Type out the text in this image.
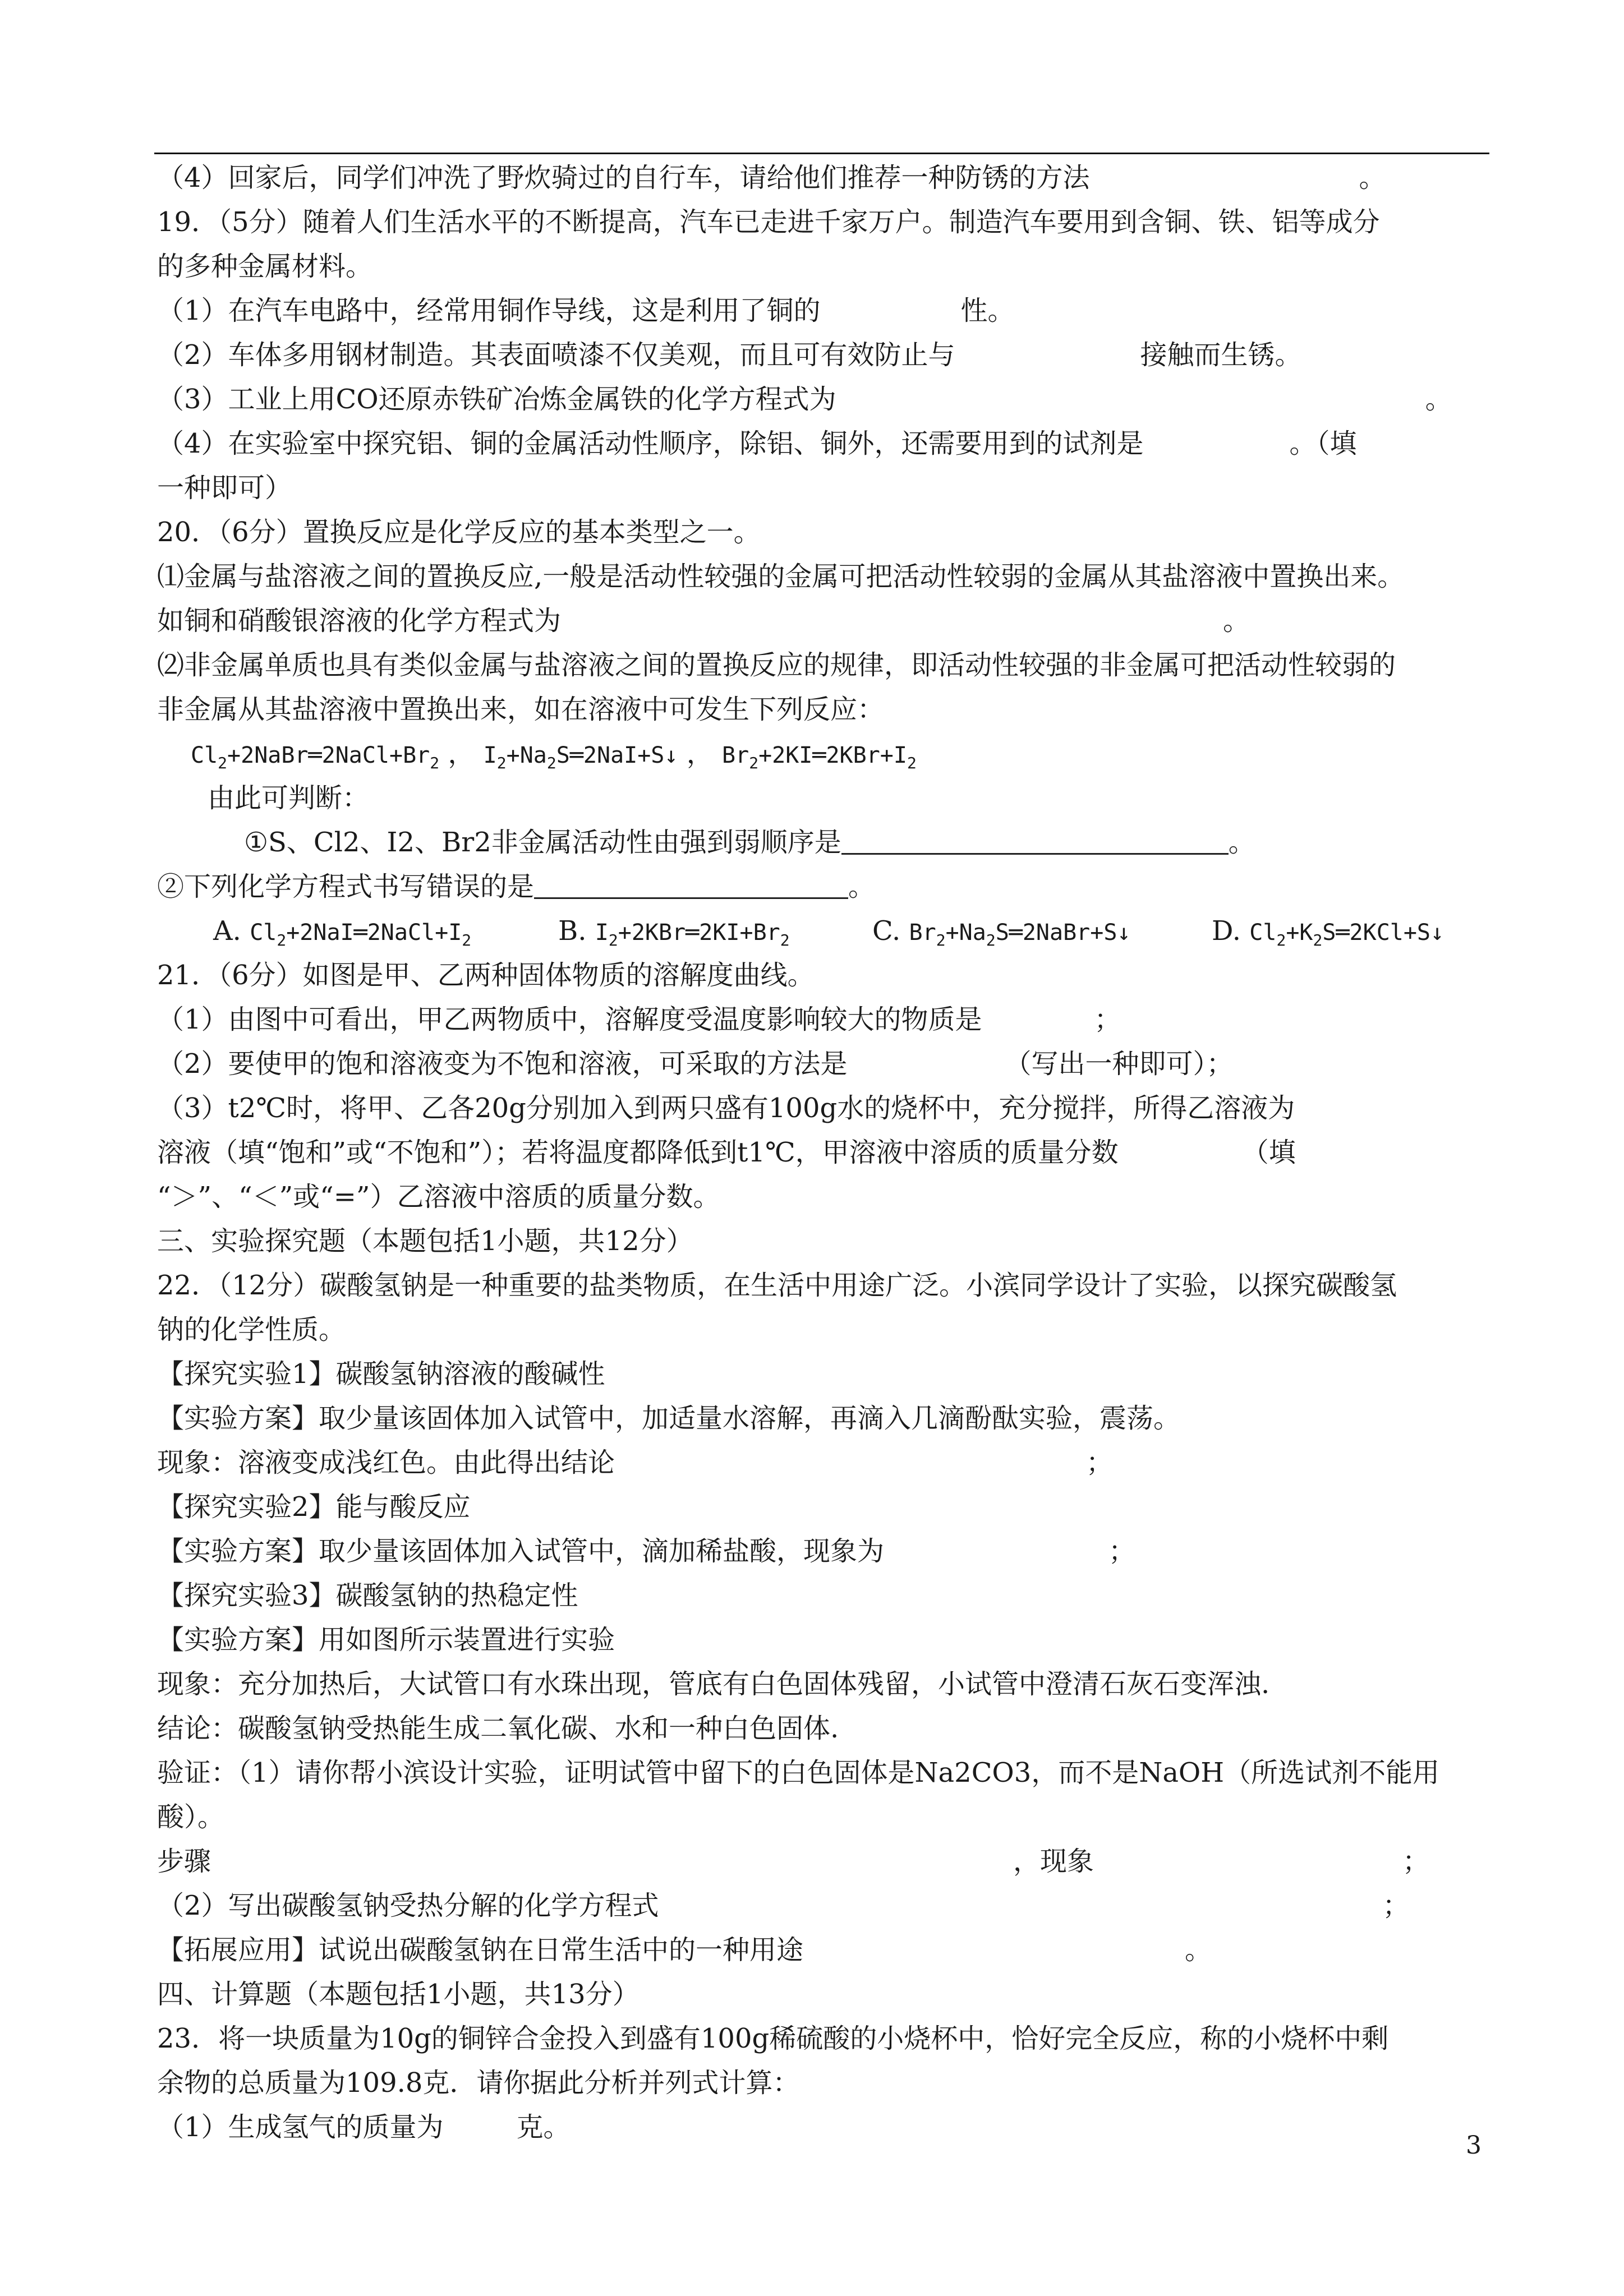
（4）回家后，同学们冲洗了野炊骑过的自行车，请给他们推荐一种防锈的方法	。
19．（5分）随着人们生活水平的不断提高，汽车已走进千家万户。制造汽车要用到含铜、铁、铝等成分
的多种金属材料。
（1）在汽车电路中，经常用铜作导线，这是利用了铜的	性。
（2）车体多用钢材制造。其表面喷漆不仅美观，而且可有效防止与	接触而生锈。
（3）工业上用CO还原赤铁矿冶炼金属铁的化学方程式为	。
（4）在实验室中探究铝、铜的金属活动性顺序，除铝、铜外，还需要用到的试剂是	。（填
一种即可）
20．（6分）置换反应是化学反应的基本类型之一。
⑴金属与盐溶液之间的置换反应,一般是活动性较强的金属可把活动性较弱的金属从其盐溶液中置换出来。
如铜和硝酸银溶液的化学方程式为	。
⑵非金属单质也具有类似金属与盐溶液之间的置换反应的规律，即活动性较强的非金属可把活动性较弱的
非金属从其盐溶液中置换出来，如在溶液中可发生下列反应：
$Cl_2+2NaBr═2NaCl+Br_2$ ， $I_2+Na_2S═2NaI+S↓$ ， $Br_2+2KI═2KBr+I_2$
由此可判断：
①S、Cl2、I2、Br2非金属活动性由强到弱顺序是	。
②下列化学方程式书写错误的是	。
A. $Cl_2+2NaI═2NaCl+I_2$	B. $I_2+2KBr═2KI+Br_2$	C. $Br_2+Na_2S═2NaBr+S↓$	D. $Cl_2+K_2S═2KCl+S↓$
21．（6分）如图是甲、乙两种固体物质的溶解度曲线。
（1）由图中可看出，甲乙两物质中，溶解度受温度影响较大的物质是	；
（2）要使甲的饱和溶液变为不饱和溶液，可采取的方法是	（写出一种即可）；
（3）t2℃时，将甲、乙各20g分别加入到两只盛有100g水的烧杯中，充分搅拌，所得乙溶液为
溶液（填“饱和”或“不饱和”）；若将温度都降低到t1℃，甲溶液中溶质的质量分数	（填
“＞”、“＜”或“=”）乙溶液中溶质的质量分数。
三、实验探究题（本题包括1小题，共12分）
22．（12分）碳酸氢钠是一种重要的盐类物质，在生活中用途广泛。小滨同学设计了实验，以探究碳酸氢
钠的化学性质。
【探究实验1】碳酸氢钠溶液的酸碱性
【实验方案】取少量该固体加入试管中，加适量水溶解，再滴入几滴酚酞实验，震荡。
现象：溶液变成浅红色。由此得出结论	；
【探究实验2】能与酸反应
【实验方案】取少量该固体加入试管中，滴加稀盐酸，现象为	；
【探究实验3】碳酸氢钠的热稳定性
【实验方案】用如图所示装置进行实验
现象：充分加热后，大试管口有水珠出现，管底有白色固体残留，小试管中澄清石灰石变浑浊.
结论：碳酸氢钠受热能生成二氧化碳、水和一种白色固体.
验证：（1）请你帮小滨设计实验，证明试管中留下的白色固体是Na2CO3，而不是NaOH（所选试剂不能用
酸）。
步骤	，现象	；
（2）写出碳酸氢钠受热分解的化学方程式	；
【拓展应用】试说出碳酸氢钠在日常生活中的一种用途	。
四、计算题（本题包括1小题，共13分）
23．将一块质量为10g的铜锌合金投入到盛有100g稀硫酸的小烧杯中，恰好完全反应，称的小烧杯中剩
余物的总质量为109.8克．请你据此分析并列式计算：
（1）生成氢气的质量为	克。
3
